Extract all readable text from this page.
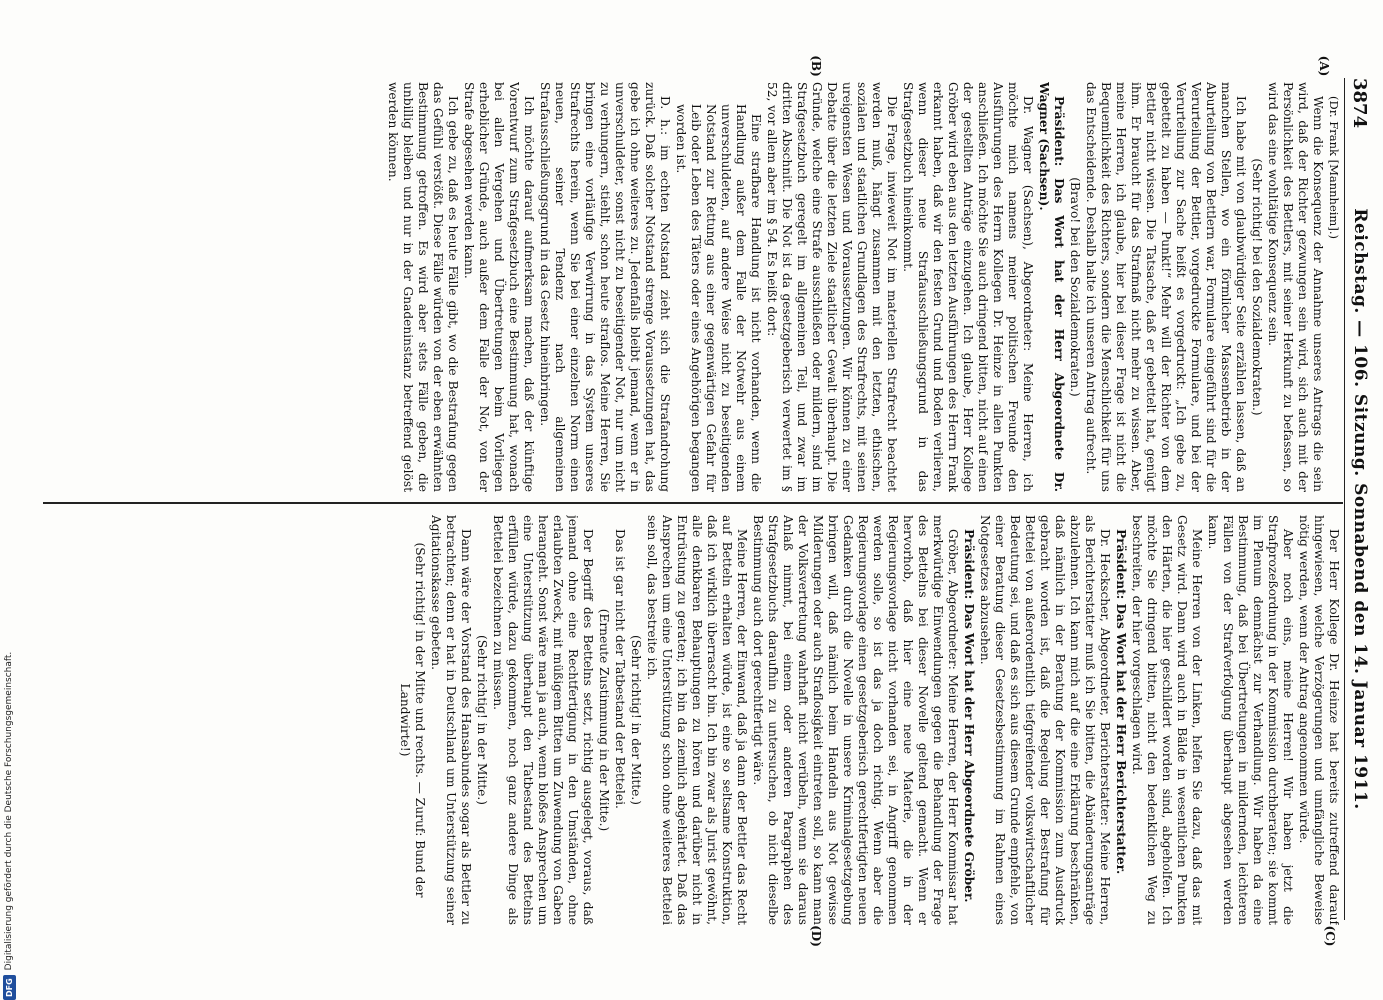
3874
Reichstag. — 106. Sitzung. Sonnabend den 14. Januar 1911.
(A)
(B)
(C)
(D)

(Dr. Frank [Mannheim].)

Wenn die Konsequenz der Annahme unseres Antrags die sein wird, daß der Richter gezwungen sein wird, sich auch mit der Persönlichkeit des Bettlers, mit seiner Herkunft zu befassen, so wird das eine wohltätige Konsequenz sein.

(Sehr richtig! bei den Sozialdemokraten.)

Ich habe mit von glaubwürdiger Seite erzählen lassen, daß an manchen Stellen, wo ein förmlicher Massenbetrieb in der Aburteilung von Bettlern war, Formulare eingeführt sind für die Verurteilung der Bettler, vorgedruckte Formulare, und bei der Verurteilung zur Sache heißt es vorgedruckt: „Ich gebe zu, gebettelt zu haben — Punkt!“ Mehr will der Richter von dem Bettler nicht wissen. Die Tatsache, daß er gebettelt hat, genügt ihm. Er braucht für das Strafmaß nicht mehr zu wissen. Aber, meine Herren, ich glaube, hier bei dieser Frage ist nicht die Bequemlichkeit des Richters, sondern die Menschlichkeit für uns das Entscheidende. Deshalb halte ich unseren Antrag aufrecht.

(Bravo! bei den Sozialdemokraten.)

Präsident: Das Wort hat der Herr Abgeordnete Dr. Wagner (Sachsen).

Dr. Wagner (Sachsen), Abgeordneter: Meine Herren, ich möchte mich namens meiner politischen Freunde den Ausführungen des Herrn Kollegen Dr. Heinze in allen Punkten anschließen. Ich möchte Sie auch dringend bitten, nicht auf einen der gestellten Anträge einzugehen. Ich glaube, Herr Kollege Gröber wird eben aus den letzten Ausführungen des Herrn Frank erkannt haben, daß wir den festen Grund und Boden verlieren, wenn dieser neue Strafausschließungsgrund in das Strafgesetzbuch hineinkommt.

Die Frage, inwieweit Not im materiellen Strafrecht beachtet werden muß, hängt zusammen mit den letzten, ethischen, sozialen und staatlichen Grundlagen des Strafrechts, mit seinen ureigensten Wesen und Voraussetzungen. Wir können zu einer Debatte über die letzten Ziele staatlicher Gewalt überhaupt. Die Gründe, welche eine Strafe ausschließen oder mildern, sind im Strafgesetzbuch geregelt im allgemeinen Teil, und zwar im dritten Abschnitt. Die Not ist da gesetzgeberisch verwertet im § 52, vor allem aber im § 54. Es heißt dort:

Eine strafbare Handlung ist nicht vorhanden, wenn die Handlung außer dem Falle der Notwehr aus einem unverschuldeten, auf andere Weise nicht zu beseitigenden Notstand zur Rettung aus einer gegenwärtigen Gefahr für Leib oder Leben des Täters oder eines Angehörigen begangen worden ist.

D. h.: im echten Notstand zieht sich die Strafandrohung zurück. Daß solcher Notstand strenge Voraussetzungen hat, das gebe ich ohne weiteres zu. Jedenfalls bleibt jemand, wenn er in unverschuldeter, sonst nicht zu beseitigender Not, nur um nicht zu verhungern, stiehlt, schon heute straflos. Meine Herren, Sie bringen eine vorläufige Verwirrung in das System unseres Strafrechts herein, wenn Sie bei einer einzelnen Norm einen neuen, seiner Tendenz nach allgemeinen Strafausschließungsgrund in das Gesetz hineinbringen.

Ich möchte darauf aufmerksam machen, daß der künftige Vorentwurf zum Strafgesetzbuch eine Bestimmung hat, wonach bei allen Vergehen und Übertretungen beim Vorliegen erheblicher Gründe, auch außer dem Falle der Not, von der Strafe abgesehen werden kann.

Ich gebe zu, daß es heute Fälle gibt, wo die Bestrafung gegen das Gefühl verstößt. Diese Fälle würden von der eben erwähnten Bestimmung getroffen. Es wird aber stets Fälle geben, die unbillig bleiben und nur in der Gnadeninstanz betreffend gelöst werden können.

Der Herr Kollege Dr. Heinze hat bereits zutreffend darauf hingewiesen, welche Verzögerungen und umfängliche Beweise nötig werden, wenn der Antrag angenommen würde.

Aber noch eins, meine Herren! Wir haben jetzt die Strafprozeßordnung in der Kommission durchberaten; sie kommt im Plenum demnächst zur Verhandlung. Wir haben da eine Bestimmung, daß bei Übertretungen in mildernden, leichteren Fällen von der Strafverfolgung überhaupt abgesehen werden kann.

Meine Herren von der Linken, helfen Sie dazu, daß das mit Gesetz wird. Dann wird auch in Bälde in wesentlichen Punkten den Härten, die hier geschildert worden sind, abgeholfen. Ich möchte Sie dringend bitten, nicht den bedenklichen Weg zu beschreiten, der hier vorgeschlagen wird.

Präsident: Das Wort hat der Herr Berichterstatter.

Dr. Heckscher, Abgeordneter, Berichterstatter: Meine Herren, als Berichterstatter muß ich Sie bitten, die Abänderungsanträge abzulehnen. Ich kann mich auf die eine Erklärung beschränken, daß nämlich in der Beratung der Kommission zum Ausdruck gebracht worden ist, daß die Regelung der Bestrafung für Bettelei von außerordentlich tiefgreifender volkswirtschaftlicher Bedeutung sei, und daß es sich aus diesem Grunde empfehle, von einer Beratung dieser Gesetzesbestimmung im Rahmen eines Notgesetzes abzusehen.

Präsident: Das Wort hat der Herr Abgeordnete Gröber.

Gröber, Abgeordneter: Meine Herren, der Herr Kommissar hat merkwürdige Einwendungen gegen die Behandlung der Frage des Bettelns bei dieser Novelle geltend gemacht. Wenn er hervorhob, daß hier eine neue Materie, die in der Regierungsvorlage nicht vorhanden sei, in Angriff genommen werden solle, so ist das ja doch richtig. Wenn aber die Regierungsvorlage einen gesetzgeberisch gerechtfertigten neuen Gedanken durch die Novelle in unsere Kriminalgesetzgebung bringen will, daß nämlich beim Handeln aus Not gewisse Milderungen oder auch Straflosigkeit eintreten soll, so kann man der Volksvertretung wahrhaft nicht verübeln, wenn sie daraus Anlaß nimmt, bei einem oder anderen Paragraphen des Strafgesetzbuchs daraufhin zu untersuchen, ob nicht dieselbe Bestimmung auch dort gerechtfertigt wäre.

Meine Herren, der Einwand, daß ja dann der Bettler das Recht auf Betteln erhalten würde, ist eine so seltsame Konstruktion, daß ich wirklich überrascht bin. Ich bin zwar als Jurist gewöhnt, alle denkbaren Behauptungen zu hören und darüber nicht in Entrüstung zu geraten; ich bin da ziemlich abgehärtet. Daß das Ansprechen um eine Unterstützung schon ohne weiteres Bettelei sein soll, das bestreite ich.

(Sehr richtig! in der Mitte.)

Das ist gar nicht der Tatbestand der Bettelei.

(Erneute Zustimmung in der Mitte.)

Der Begriff des Bettelns setzt, richtig ausgelegt, voraus, daß jemand ohne eine Rechtfertigung in den Umständen, ohne erlaubten Zweck, mit müßigem Bitten um Zuwendung von Gaben herangeht. Sonst wäre man ja auch, wenn bloßes Ansprechen um eine Unterstützung überhaupt den Tatbestand des Bettelns erfüllen würde, dazu gekommen, noch ganz andere Dinge als Bettelei bezeichnen zu müssen.

(Sehr richtig! in der Mitte.)

Dann wäre der Vorstand des Hansabundes sogar als Bettler zu betrachten; denn er hat in Deutschland um Unterstützung seiner Agitationskasse gebeten.

(Sehr richtig! in der Mitte und rechts. — Zuruf: Bund der Landwirte!)

DFG
Digitalisierung gefördert durch die Deutsche Forschungsgemeinschaft.
